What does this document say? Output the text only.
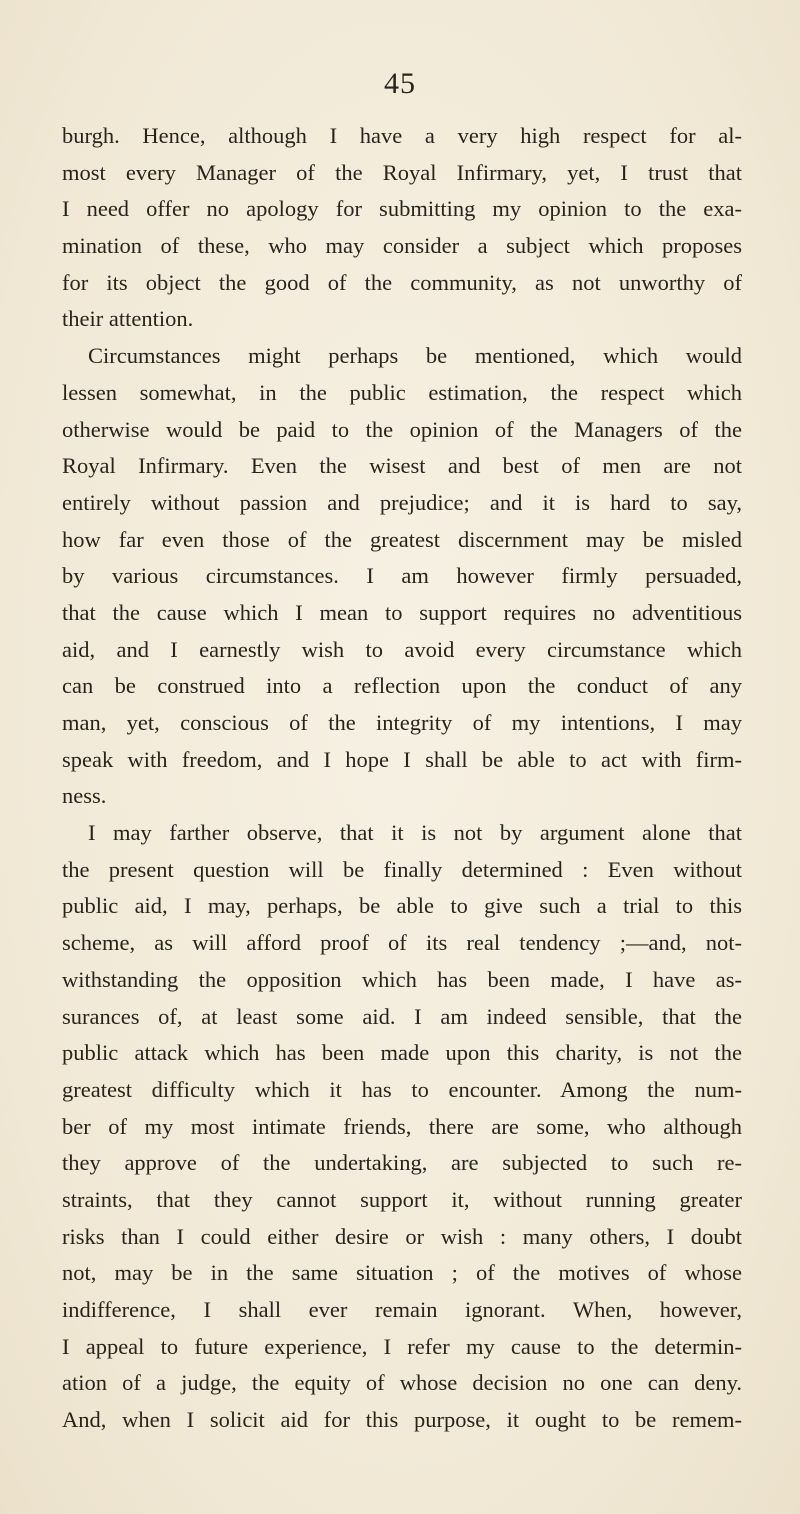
45
burgh. Hence, although I have a very high respect for al-
most every Manager of the Royal Infirmary, yet, I trust that
I need offer no apology for submitting my opinion to the exa-
mination of these, who may consider a subject which proposes
for its object the good of the community, as not unworthy of
their attention.
Circumstances might perhaps be mentioned, which would
lessen somewhat, in the public estimation, the respect which
otherwise would be paid to the opinion of the Managers of the
Royal Infirmary. Even the wisest and best of men are not
entirely without passion and prejudice; and it is hard to say,
how far even those of the greatest discernment may be misled
by various circumstances. I am however firmly persuaded,
that the cause which I mean to support requires no adventitious
aid, and I earnestly wish to avoid every circumstance which
can be construed into a reflection upon the conduct of any
man, yet, conscious of the integrity of my intentions, I may
speak with freedom, and I hope I shall be able to act with firm-
ness.
I may farther observe, that it is not by argument alone that
the present question will be finally determined : Even without
public aid, I may, perhaps, be able to give such a trial to this
scheme, as will afford proof of its real tendency ;—and, not-
withstanding the opposition which has been made, I have as-
surances of, at least some aid. I am indeed sensible, that the
public attack which has been made upon this charity, is not the
greatest difficulty which it has to encounter. Among the num-
ber of my most intimate friends, there are some, who although
they approve of the undertaking, are subjected to such re-
straints, that they cannot support it, without running greater
risks than I could either desire or wish : many others, I doubt
not, may be in the same situation ; of the motives of whose
indifference, I shall ever remain ignorant. When, however,
I appeal to future experience, I refer my cause to the determin-
ation of a judge, the equity of whose decision no one can deny.
And, when I solicit aid for this purpose, it ought to be remem-
